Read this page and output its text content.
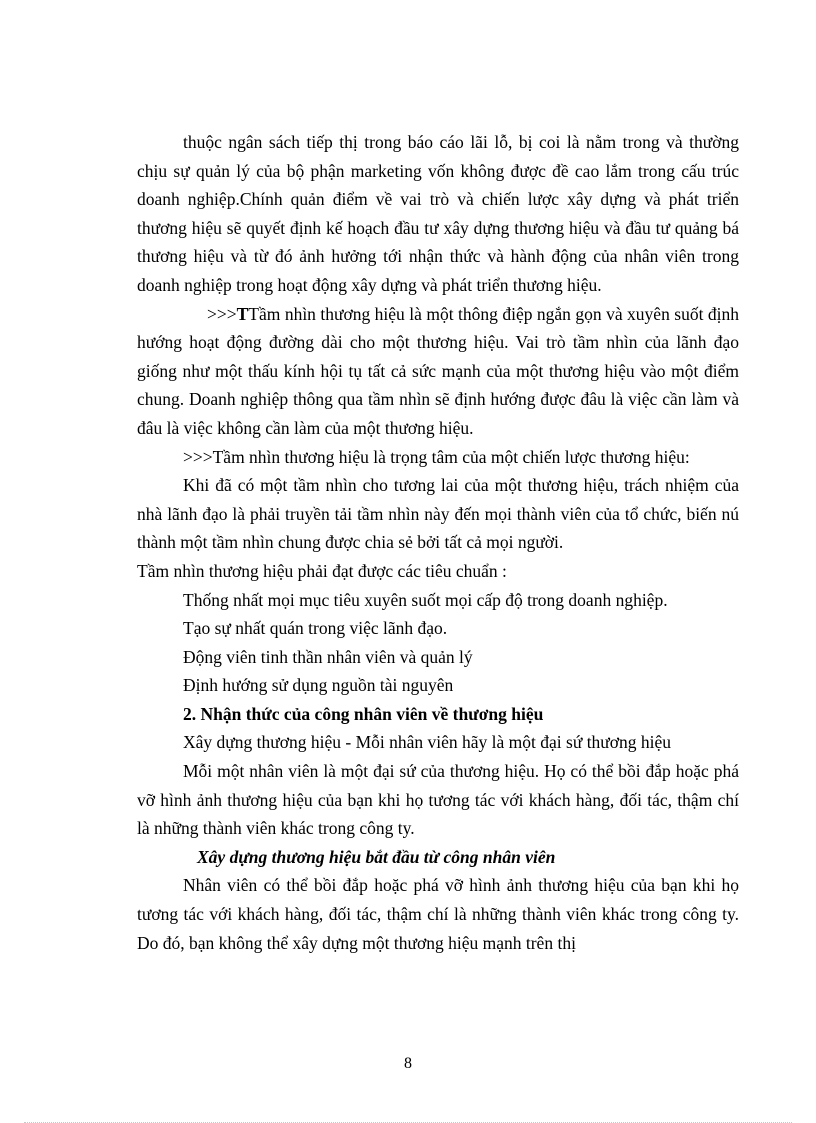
thuộc ngân sách tiếp thị trong báo cáo lãi lỗ, bị coi là nằm trong và thường chịu sự quản lý của bộ phận marketing vốn không được đề cao lắm trong cấu trúc doanh nghiệp.Chính quản điểm về vai trò và chiến lược xây dựng và phát triển thương hiệu sẽ quyết định kế hoạch đầu tư xây dựng thương hiệu và đầu tư quảng bá thương hiệu và từ đó ảnh hưởng tới nhận thức và hành động của nhân viên trong doanh nghiệp trong hoạt động xây dựng và phát triển thương hiệu.

>>>TTầm nhìn thương hiệu là một thông điệp ngắn gọn và xuyên suốt định hướng hoạt động đường dài cho một thương hiệu. Vai trò tầm nhìn của lãnh đạo giống như một thấu kính hội tụ tất cả sức mạnh của một thương hiệu vào một điểm chung. Doanh nghiệp thông qua tầm nhìn sẽ định hướng được đâu là việc cần làm và đâu là việc không cần làm của một thương hiệu.

>>>Tầm nhìn thương hiệu là trọng tâm của một chiến lược thương hiệu:

Khi đã có một tầm nhìn cho tương lai của một thương hiệu, trách nhiệm của nhà lãnh đạo là phải truyền tải tầm nhìn này đến mọi thành viên của tổ chức, biến nú thành một tầm nhìn chung được chia sẻ bởi tất cả mọi người.

Tầm nhìn thương hiệu phải đạt được các tiêu chuẩn :

Thống nhất mọi mục tiêu xuyên suốt mọi cấp độ trong doanh nghiệp.

Tạo sự nhất quán trong việc lãnh đạo.

Động viên tinh thần nhân viên và quản lý

Định hướng sử dụng nguồn tài nguyên

2. Nhận thức của công nhân viên về thương hiệu

Xây dựng thương hiệu - Mỗi nhân viên hãy là một đại sứ thương hiệu

Mỗi một nhân viên là một đại sứ của thương hiệu. Họ có thể bồi đắp hoặc phá vỡ hình ảnh thương hiệu của bạn khi họ tương tác với khách hàng, đối tác, thậm chí là những thành viên khác trong công ty.

Xây dựng thương hiệu bắt đầu từ công nhân viên

Nhân viên có thể bồi đắp hoặc phá vỡ hình ảnh thương hiệu của bạn khi họ tương tác với khách hàng, đối tác, thậm chí là những thành viên khác trong công ty. Do đó, bạn không thể xây dựng một thương hiệu mạnh trên thị

8
